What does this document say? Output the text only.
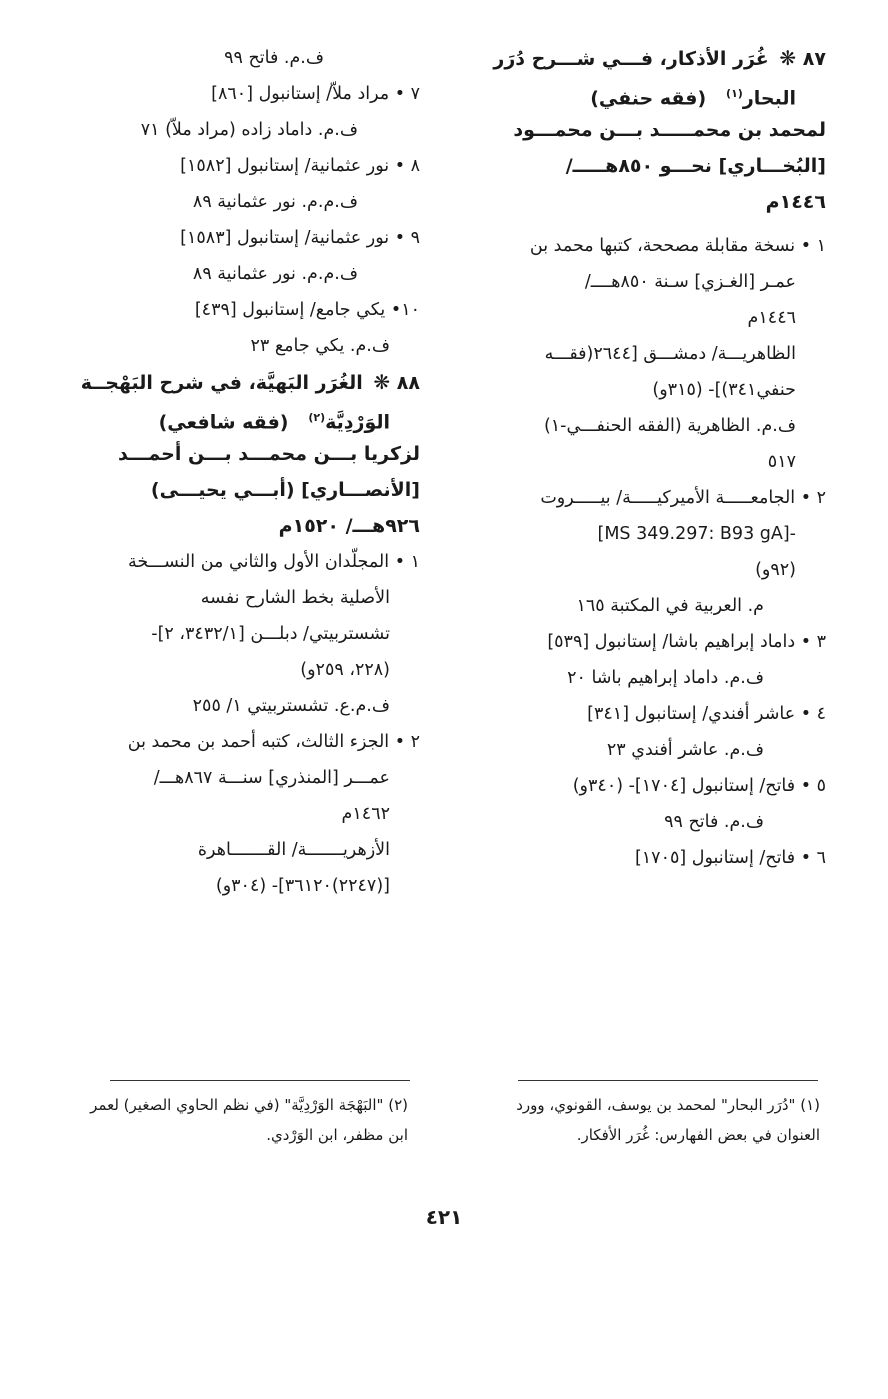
٨٧ ❋ غُرَر الأذكار، فـــي شـــرح دُرَر
البحار$^{(١)}$   (فقه حنفي)
لمحمد بن محمـــــد بـــن محمـــود
[البُخـــاري] نحـــو ٨٥٠هـــــ/
١٤٤٦م
١ • نسخة مقابلة مصححة، كتبها محمد بن
عمـر [الغـزي] سـنة ٨٥٠هــــ/
١٤٤٦م
الظاهريـــة/ دمشـــق [٢٦٤٤(فقـــه
حنفي٣٤١)]- (٣١٥و)
ف.م. الظاهرية (الفقه الحنفـــي-١)
٥١٧
٢ • الجامعـــــة الأميركيـــــة/ بيـــــروت
-[MS 349.297: B93 gA]
(٩٢و)
م. العربية في المكتبة ١٦٥
٣ • داماد إبراهيم باشا/ إستانبول [٥٣٩]
ف.م. داماد إبراهيم باشا ٢٠
٤ • عاشر أفندي/ إستانبول [٣٤١]
ف.م. عاشر أفندي ٢٣
٥ • فاتح/ إستانبول [١٧٠٤]- (٣٤٠و)
ف.م. فاتح ٩٩
٦ • فاتح/ إستانبول [١٧٠٥]
ف.م. فاتح ٩٩
٧ • مراد ملاّ/ إستانبول [٨٦٠]
ف.م. داماد زاده (مراد ملاّ) ٧١
٨ • نور عثمانية/ إستانبول [١٥٨٢]
ف.م.م. نور عثمانية ٨٩
٩ • نور عثمانية/ إستانبول [١٥٨٣]
ف.م.م. نور عثمانية ٨٩
١٠• يكي جامع/ إستانبول [٤٣٩]
ف.م. يكي جامع ٢٣
٨٨ ❋ الغُرَر البَهيَّة، في شرح البَهْجــة
الوَرْدِيَّة$^{(٢)}$   (فقه شافعي)
لزكريا بـــن محمـــد بـــن أحمـــد
[الأنصـــاري] (أبـــي يحيـــى)
٩٢٦هـــ/ ١٥٢٠م
١ • المجلّدان الأول والثاني من النســـخة
الأصلية بخط الشارح نفسه
تشستربيتي/ دبلـــن [٣٤٣٢/١، ٢]-
(٢٢٨، ٢٥٩و)
ف.م.ع. تشستربيتي ١/ ٢٥٥
٢ • الجزء الثالث، كتبه أحمد بن محمد بن
عمـــر [المنذري] سنـــة ٨٦٧هـــ/
١٤٦٢م
الأزهريـــــــة/ القـــــــاهرة
[(٢٢٤٧)٣٦١٢٠]- (٣٠٤و)
(١) "دُرَر البحار" لمحمد بن يوسف، القونوي، وورد
العنوان في بعض الفهارس: غُرَر الأفكار.
(٢) "البَهْجَة الوَرْدِيَّة" (في نظم الحاوي الصغير) لعمر
ابن مظفر، ابن الوَرْدي.
٤٢١
